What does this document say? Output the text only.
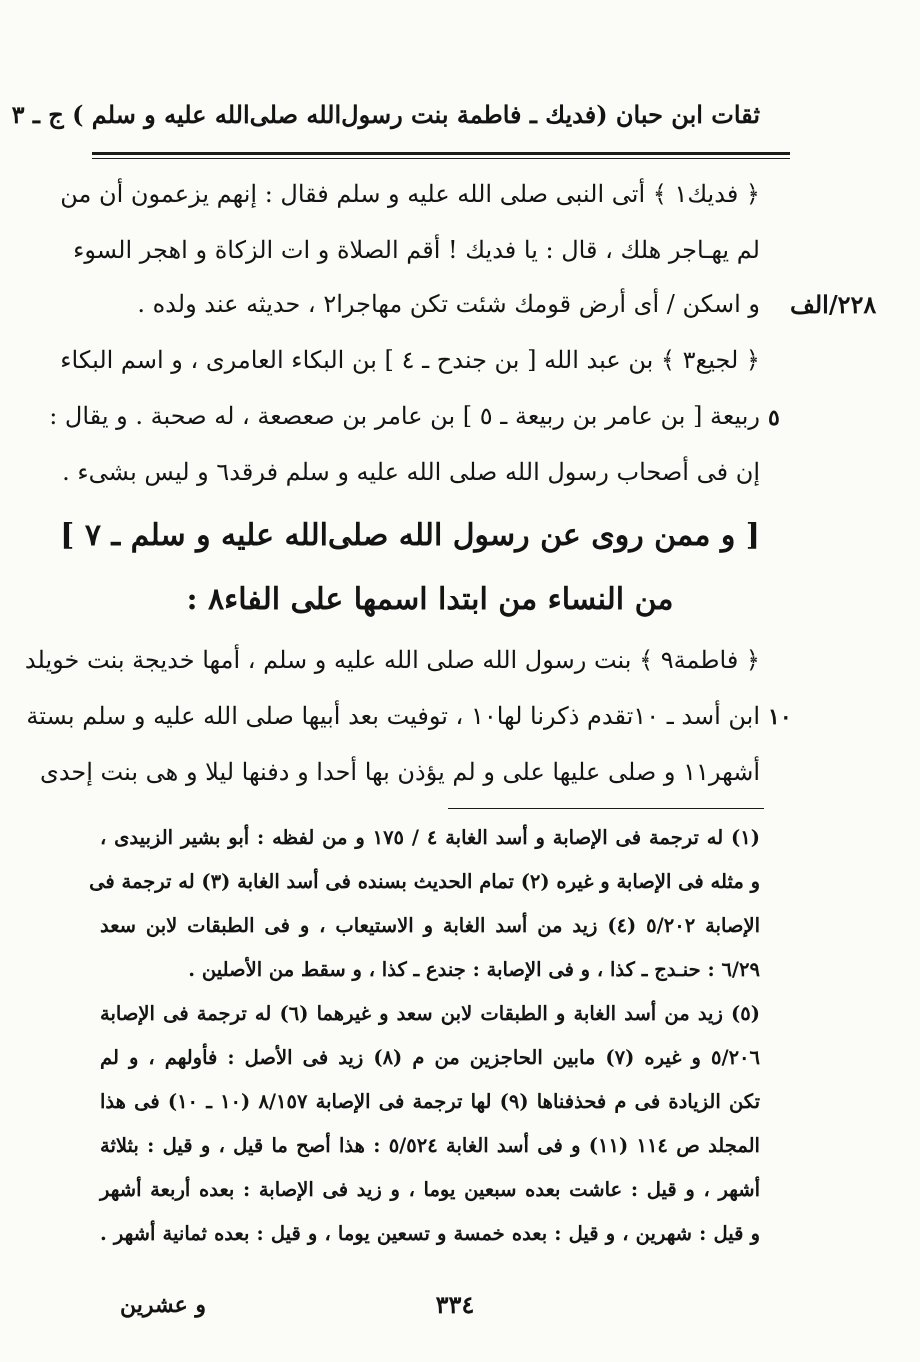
ثقات ابن حبان (فديك ـ فاطمة بنت رسول‌الله صلى‌الله عليه و سلم ) ج ـ ٣
٢٢٨/الف
٥
١٠
﴿ فديك١ ﴾ أتى النبى صلى الله عليه و سلم فقال : إنهم يزعمون أن من
لم يهـاجر هلك ، قال : يا فديك ! أقم الصلاة و ا‌ت الزكاة و اهجر السوء
و اسكن / أى أرض قومك شئت تكن مهاجرا٢ ، حديثه عند ولده .
﴿ لجيع٣ ﴾ بن عبد الله [ بن جندح ـ ٤ ] بن البكاء العامرى ، و اسم البكاء
ربيعة [ بن عامر بن ربيعة ـ ٥ ] بن عامر بن صعصعة ، له صحبة . و يقال :
إن فى أصحاب رسول الله صلى الله عليه و سلم فرقد٦ و ليس بشىء .
[ و ممن روى عن رسول الله صلى‌الله عليه و سلم ـ ٧ ]
من النساء من ابتدا اسمها على الفاء٨ :
﴿ فاطمة٩ ﴾ بنت رسول الله صلى الله عليه و سلم ، أمها خديجة بنت خويلد
ابن أسد ـ ١٠تقدم ذكرنا لها١٠ ، توفيت بعد أبيها صلى الله عليه و سلم بستة
أشهر١١ و صلى عليها على و لم يؤذن بها أحدا و دفنها ليلا و هى بنت إحدى
(١) له ترجمة فى الإصابة و أسد الغابة ٤ / ١٧٥ و من لفظه : أبو بشير الزبيدى ،
و مثله فى الإصابة و غيره (٢) تمام الحديث بسنده فى أسد الغابة (٣) له ترجمة فى
الإصابة ٥/٢٠٢ (٤) زيد من أسد الغابة و الاستيعاب ، و فى الطبقات لابن سعد
٦/٢٩ : حنـدج ـ كذا ، و فى الإصابة : جندع ـ كذا ، و سقط من الأصلين .
(٥) زيد من أسد الغابة و الطبقات لابن سعد و غيرهما (٦) له ترجمة فى الإصابة
٥/٢٠٦ و غيره (٧) مابين الحاجزين من م (٨) زيد فى الأصل : فأولهم ، و لم
تكن الزيادة فى م فحذفناها (٩) لها ترجمة فى الإصابة ٨/١٥٧ (١٠ ـ ١٠) فى هذا
المجلد ص ١١٤ (١١) و فى أسد الغابة ٥/٥٢٤ : هذا أصح ما قيل ، و قيل : بثلاثة
أشهر ، و قيل : عاشت بعده سبعين يوما ، و زيد فى الإصابة : بعده أربعة أشهر
و قيل : شهرين ، و قيل : بعده خمسة و تسعين يوما ، و قيل : بعده ثمانية أشهر .
و عشرين	٣٣٤
